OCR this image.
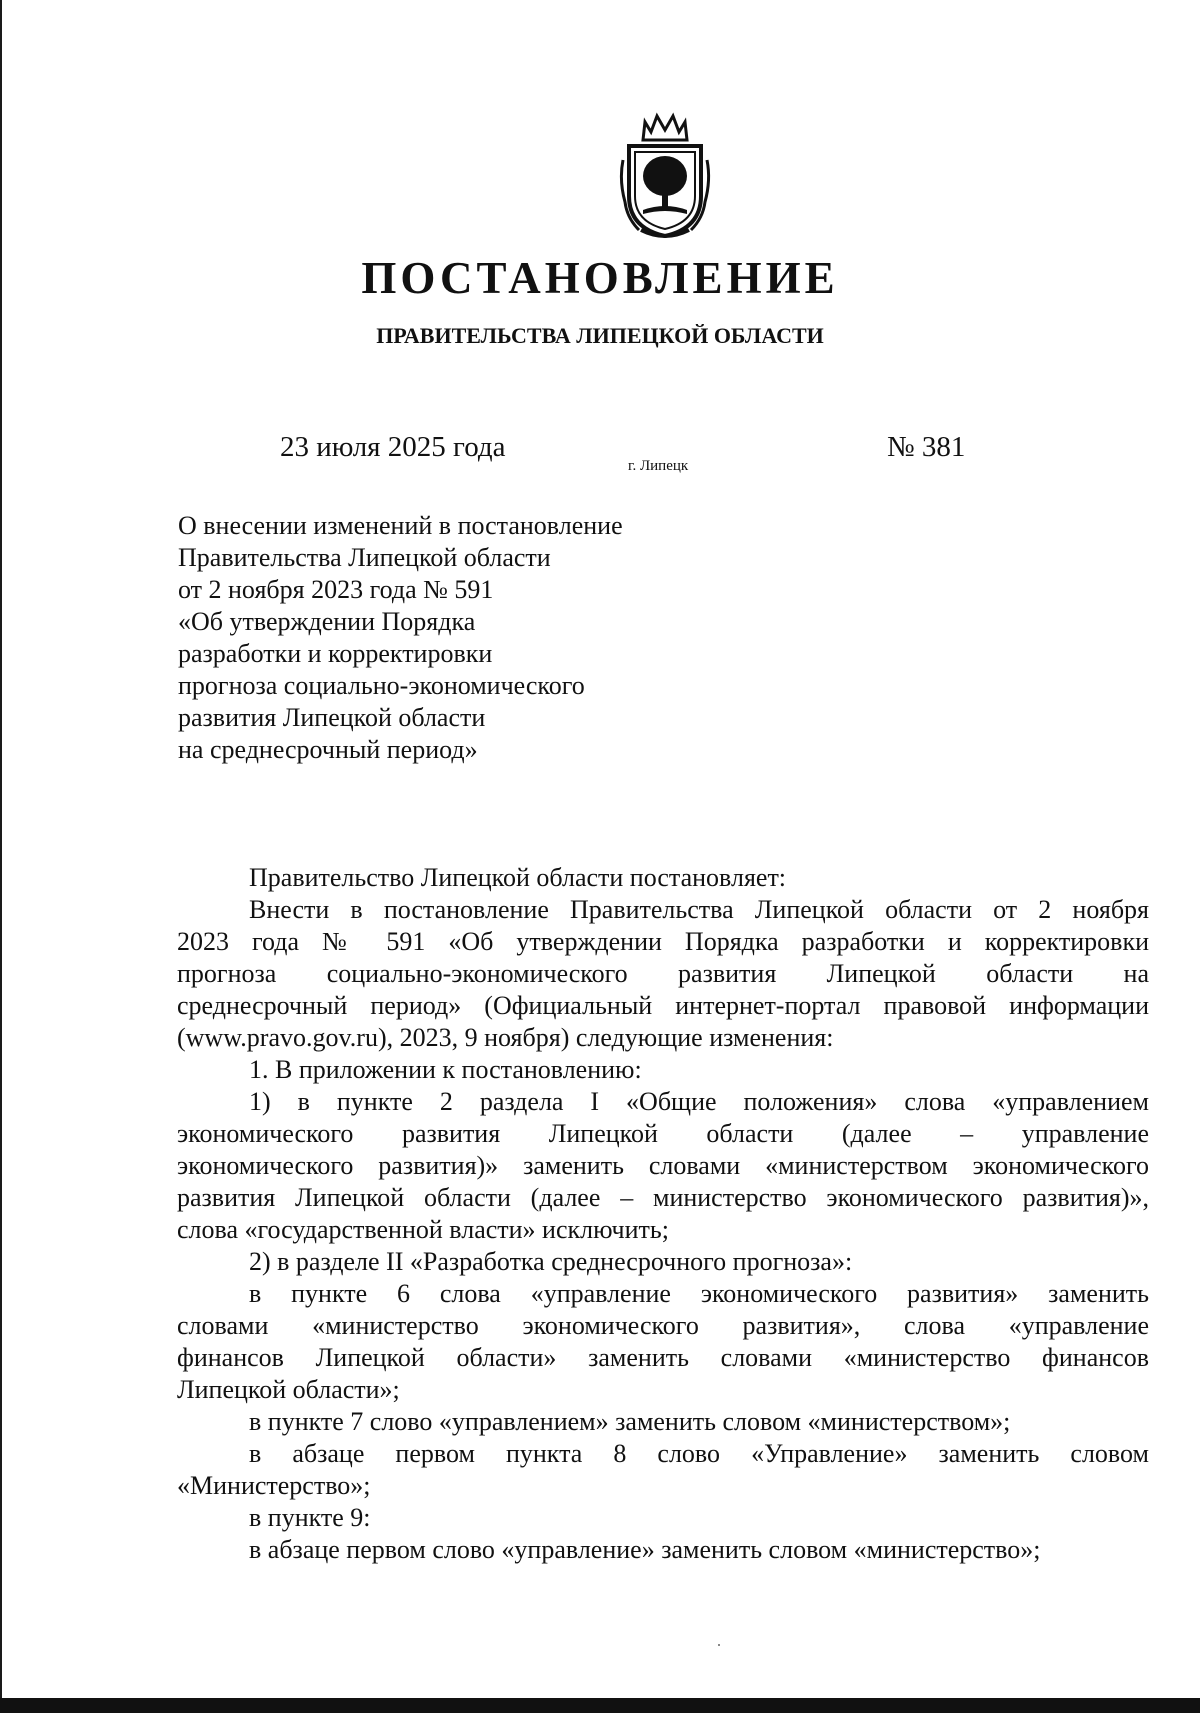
ПОСТАНОВЛЕНИЕ
ПРАВИТЕЛЬСТВА ЛИПЕЦКОЙ ОБЛАСТИ
23 июля 2025 года
г. Липецк
№ 381
О внесении изменений в постановление
Правительства Липецкой области
от 2 ноября 2023 года № 591
«Об утверждении Порядка
разработки и корректировки
прогноза социально-экономического
развития Липецкой области
на среднесрочный период»
Правительство Липецкой области постановляет:
Внести в постановление Правительства Липецкой области от 2 ноября
2023 года № 591 «Об утверждении Порядка разработки и корректировки
прогноза социально-экономического развития Липецкой области на
среднесрочный период» (Официальный интернет-портал правовой информации
(www.pravo.gov.ru), 2023, 9 ноября) следующие изменения:
1. В приложении к постановлению:
1) в пункте 2 раздела I «Общие положения» слова «управлением
экономического развития Липецкой области (далее – управление
экономического развития)» заменить словами «министерством экономического
развития Липецкой области (далее – министерство экономического развития)»,
слова «государственной власти» исключить;
2) в разделе II «Разработка среднесрочного прогноза»:
в пункте 6 слова «управление экономического развития» заменить
словами «министерство экономического развития», слова «управление
финансов Липецкой области» заменить словами «министерство финансов
Липецкой области»;
в пункте 7 слово «управлением» заменить словом «министерством»;
в абзаце первом пункта 8 слово «Управление» заменить словом
«Министерство»;
в пункте 9:
в абзаце первом слово «управление» заменить словом «министерство»;
